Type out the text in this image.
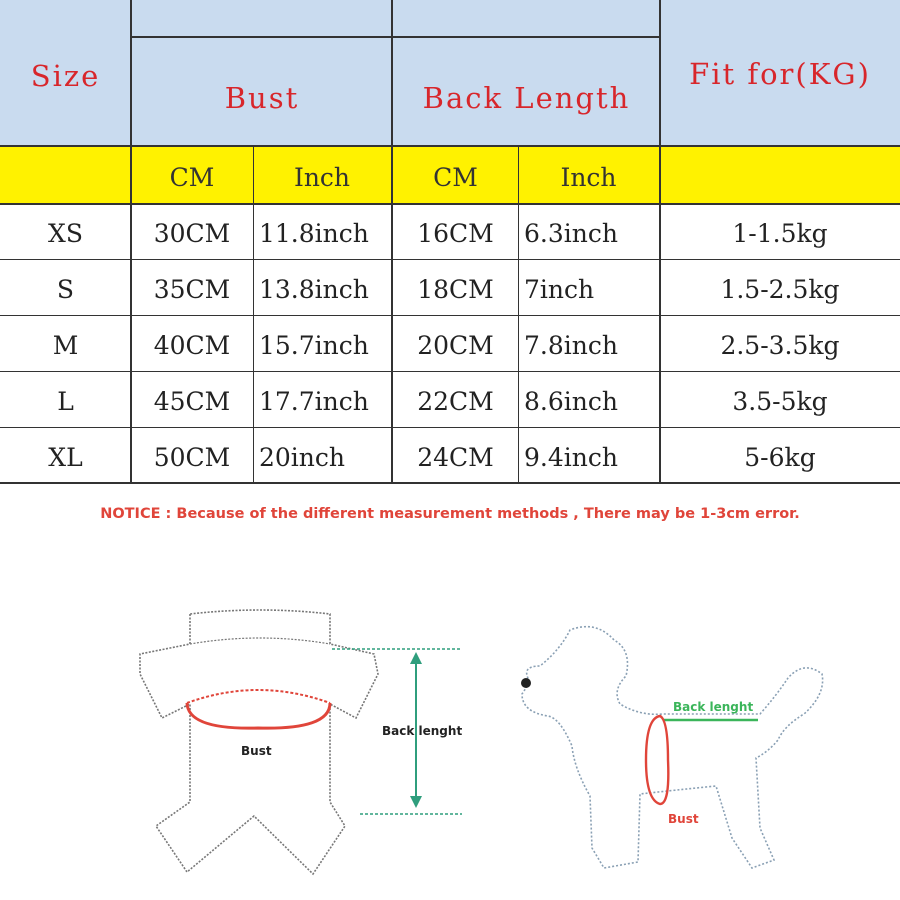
Size
Bust	Back Length
Fit for(KG)
CM	Inch	CM	Inch
XS	30CM	11.8inch	16CM	6.3inch	1-1.5kg
S	35CM	13.8inch	18CM	7inch	1.5-2.5kg
M	40CM	15.7inch	20CM	7.8inch	2.5-3.5kg
L	45CM	17.7inch	22CM	8.6inch	3.5-5kg
XL	50CM	20inch	24CM	9.4inch	5-6kg
NOTICE : Because of the different measurement methods , There may be 1-3cm error.
Bust
Back lenght
Back lenght
Bust
